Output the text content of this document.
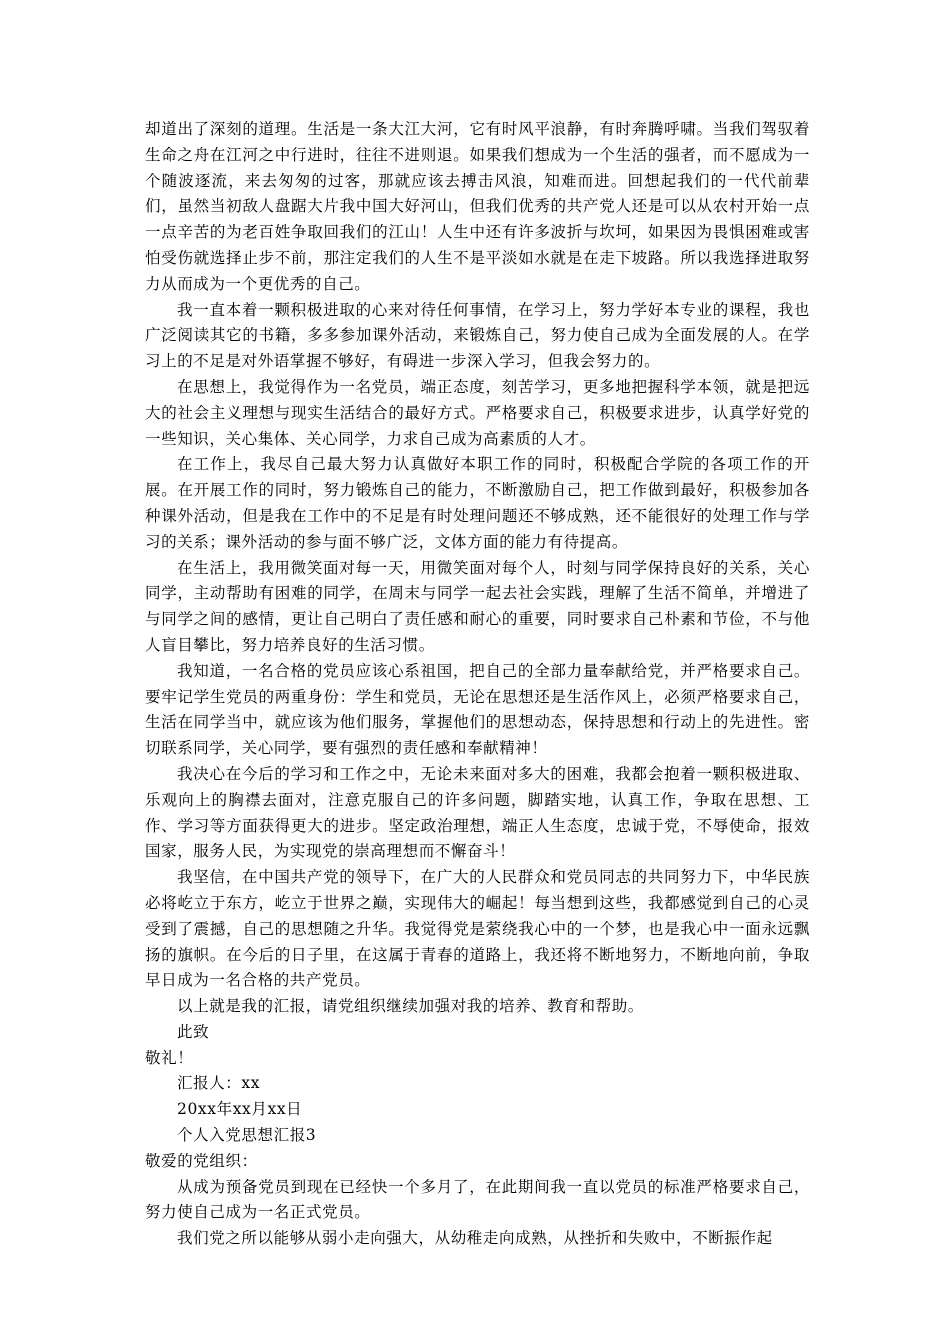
却道出了深刻的道理。生活是一条大江大河，它有时风平浪静，有时奔腾呼啸。当我们驾驭着生命之舟在江河之中行进时，往往不进则退。如果我们想成为一个生活的强者，而不愿成为一个随波逐流，来去匆匆的过客，那就应该去搏击风浪，知难而进。回想起我们的一代代前辈们，虽然当初敌人盘踞大片我中国大好河山，但我们优秀的共产党人还是可以从农村开始一点一点辛苦的为老百姓争取回我们的江山！人生中还有许多波折与坎坷，如果因为畏惧困难或害怕受伤就选择止步不前，那注定我们的人生不是平淡如水就是在走下坡路。所以我选择进取努力从而成为一个更优秀的自己。

我一直本着一颗积极进取的心来对待任何事情，在学习上，努力学好本专业的课程，我也广泛阅读其它的书籍，多多参加课外活动，来锻炼自己，努力使自己成为全面发展的人。在学习上的不足是对外语掌握不够好，有碍进一步深入学习，但我会努力的。

在思想上，我觉得作为一名党员，端正态度，刻苦学习，更多地把握科学本领，就是把远大的社会主义理想与现实生活结合的最好方式。严格要求自己，积极要求进步，认真学好党的一些知识，关心集体、关心同学，力求自己成为高素质的人才。

在工作上，我尽自己最大努力认真做好本职工作的同时，积极配合学院的各项工作的开展。在开展工作的同时，努力锻炼自己的能力，不断激励自己，把工作做到最好，积极参加各种课外活动，但是我在工作中的不足是有时处理问题还不够成熟，还不能很好的处理工作与学习的关系；课外活动的参与面不够广泛，文体方面的能力有待提高。

在生活上，我用微笑面对每一天，用微笑面对每个人，时刻与同学保持良好的关系，关心同学，主动帮助有困难的同学，在周末与同学一起去社会实践，理解了生活不简单，并增进了与同学之间的感情，更让自己明白了责任感和耐心的重要，同时要求自己朴素和节俭，不与他人盲目攀比，努力培养良好的生活习惯。

我知道，一名合格的党员应该心系祖国，把自己的全部力量奉献给党，并严格要求自己。要牢记学生党员的两重身份：学生和党员，无论在思想还是生活作风上，必须严格要求自己，生活在同学当中，就应该为他们服务，掌握他们的思想动态，保持思想和行动上的先进性。密切联系同学，关心同学，要有强烈的责任感和奉献精神！

我决心在今后的学习和工作之中，无论未来面对多大的困难，我都会抱着一颗积极进取、乐观向上的胸襟去面对，注意克服自己的许多问题，脚踏实地，认真工作，争取在思想、工作、学习等方面获得更大的进步。坚定政治理想，端正人生态度，忠诚于党，不辱使命，报效国家，服务人民，为实现党的崇高理想而不懈奋斗！

我坚信，在中国共产党的领导下，在广大的人民群众和党员同志的共同努力下，中华民族必将屹立于东方，屹立于世界之巅，实现伟大的崛起！每当想到这些，我都感觉到自己的心灵受到了震撼，自己的思想随之升华。我觉得党是萦绕我心中的一个梦，也是我心中一面永远飘扬的旗帜。在今后的日子里，在这属于青春的道路上，我还将不断地努力，不断地向前，争取早日成为一名合格的共产党员。

以上就是我的汇报，请党组织继续加强对我的培养、教育和帮助。

此致

敬礼！

汇报人：xx

20xx年xx月xx日

个人入党思想汇报3

敬爱的党组织：

从成为预备党员到现在已经快一个多月了，在此期间我一直以党员的标准严格要求自己，努力使自己成为一名正式党员。

我们党之所以能够从弱小走向强大，从幼稚走向成熟，从挫折和失败中，不断振作起
